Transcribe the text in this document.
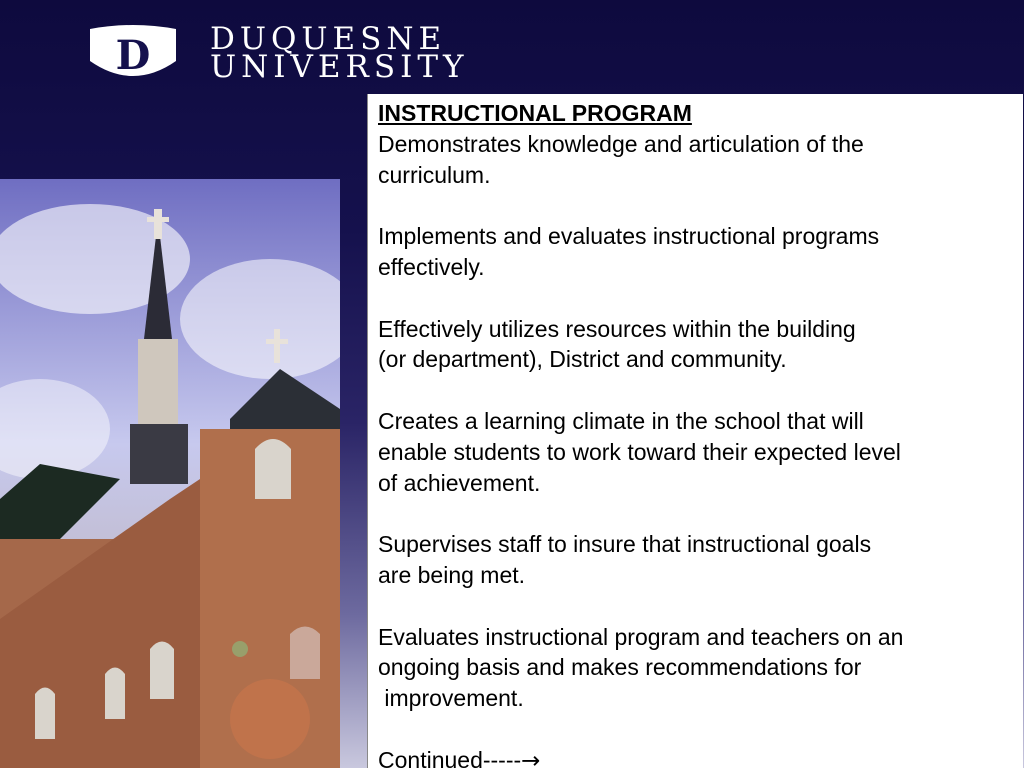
D DUQUESNE
UNIVERSITY

INSTRUCTIONAL PROGRAM

Demonstrates knowledge and articulation of the

curriculum.

Implements and evaluates instructional programs

effectively.

Effectively utilizes resources within the building

(or department), District and community.

Creates a learning climate in the school that will

enable students to work toward their expected level

of achievement.

Supervises staff to insure that instructional goals

are being met.

Evaluates instructional program and teachers on an

ongoing basis and makes recommendations for

improvement.

Continued-----→
